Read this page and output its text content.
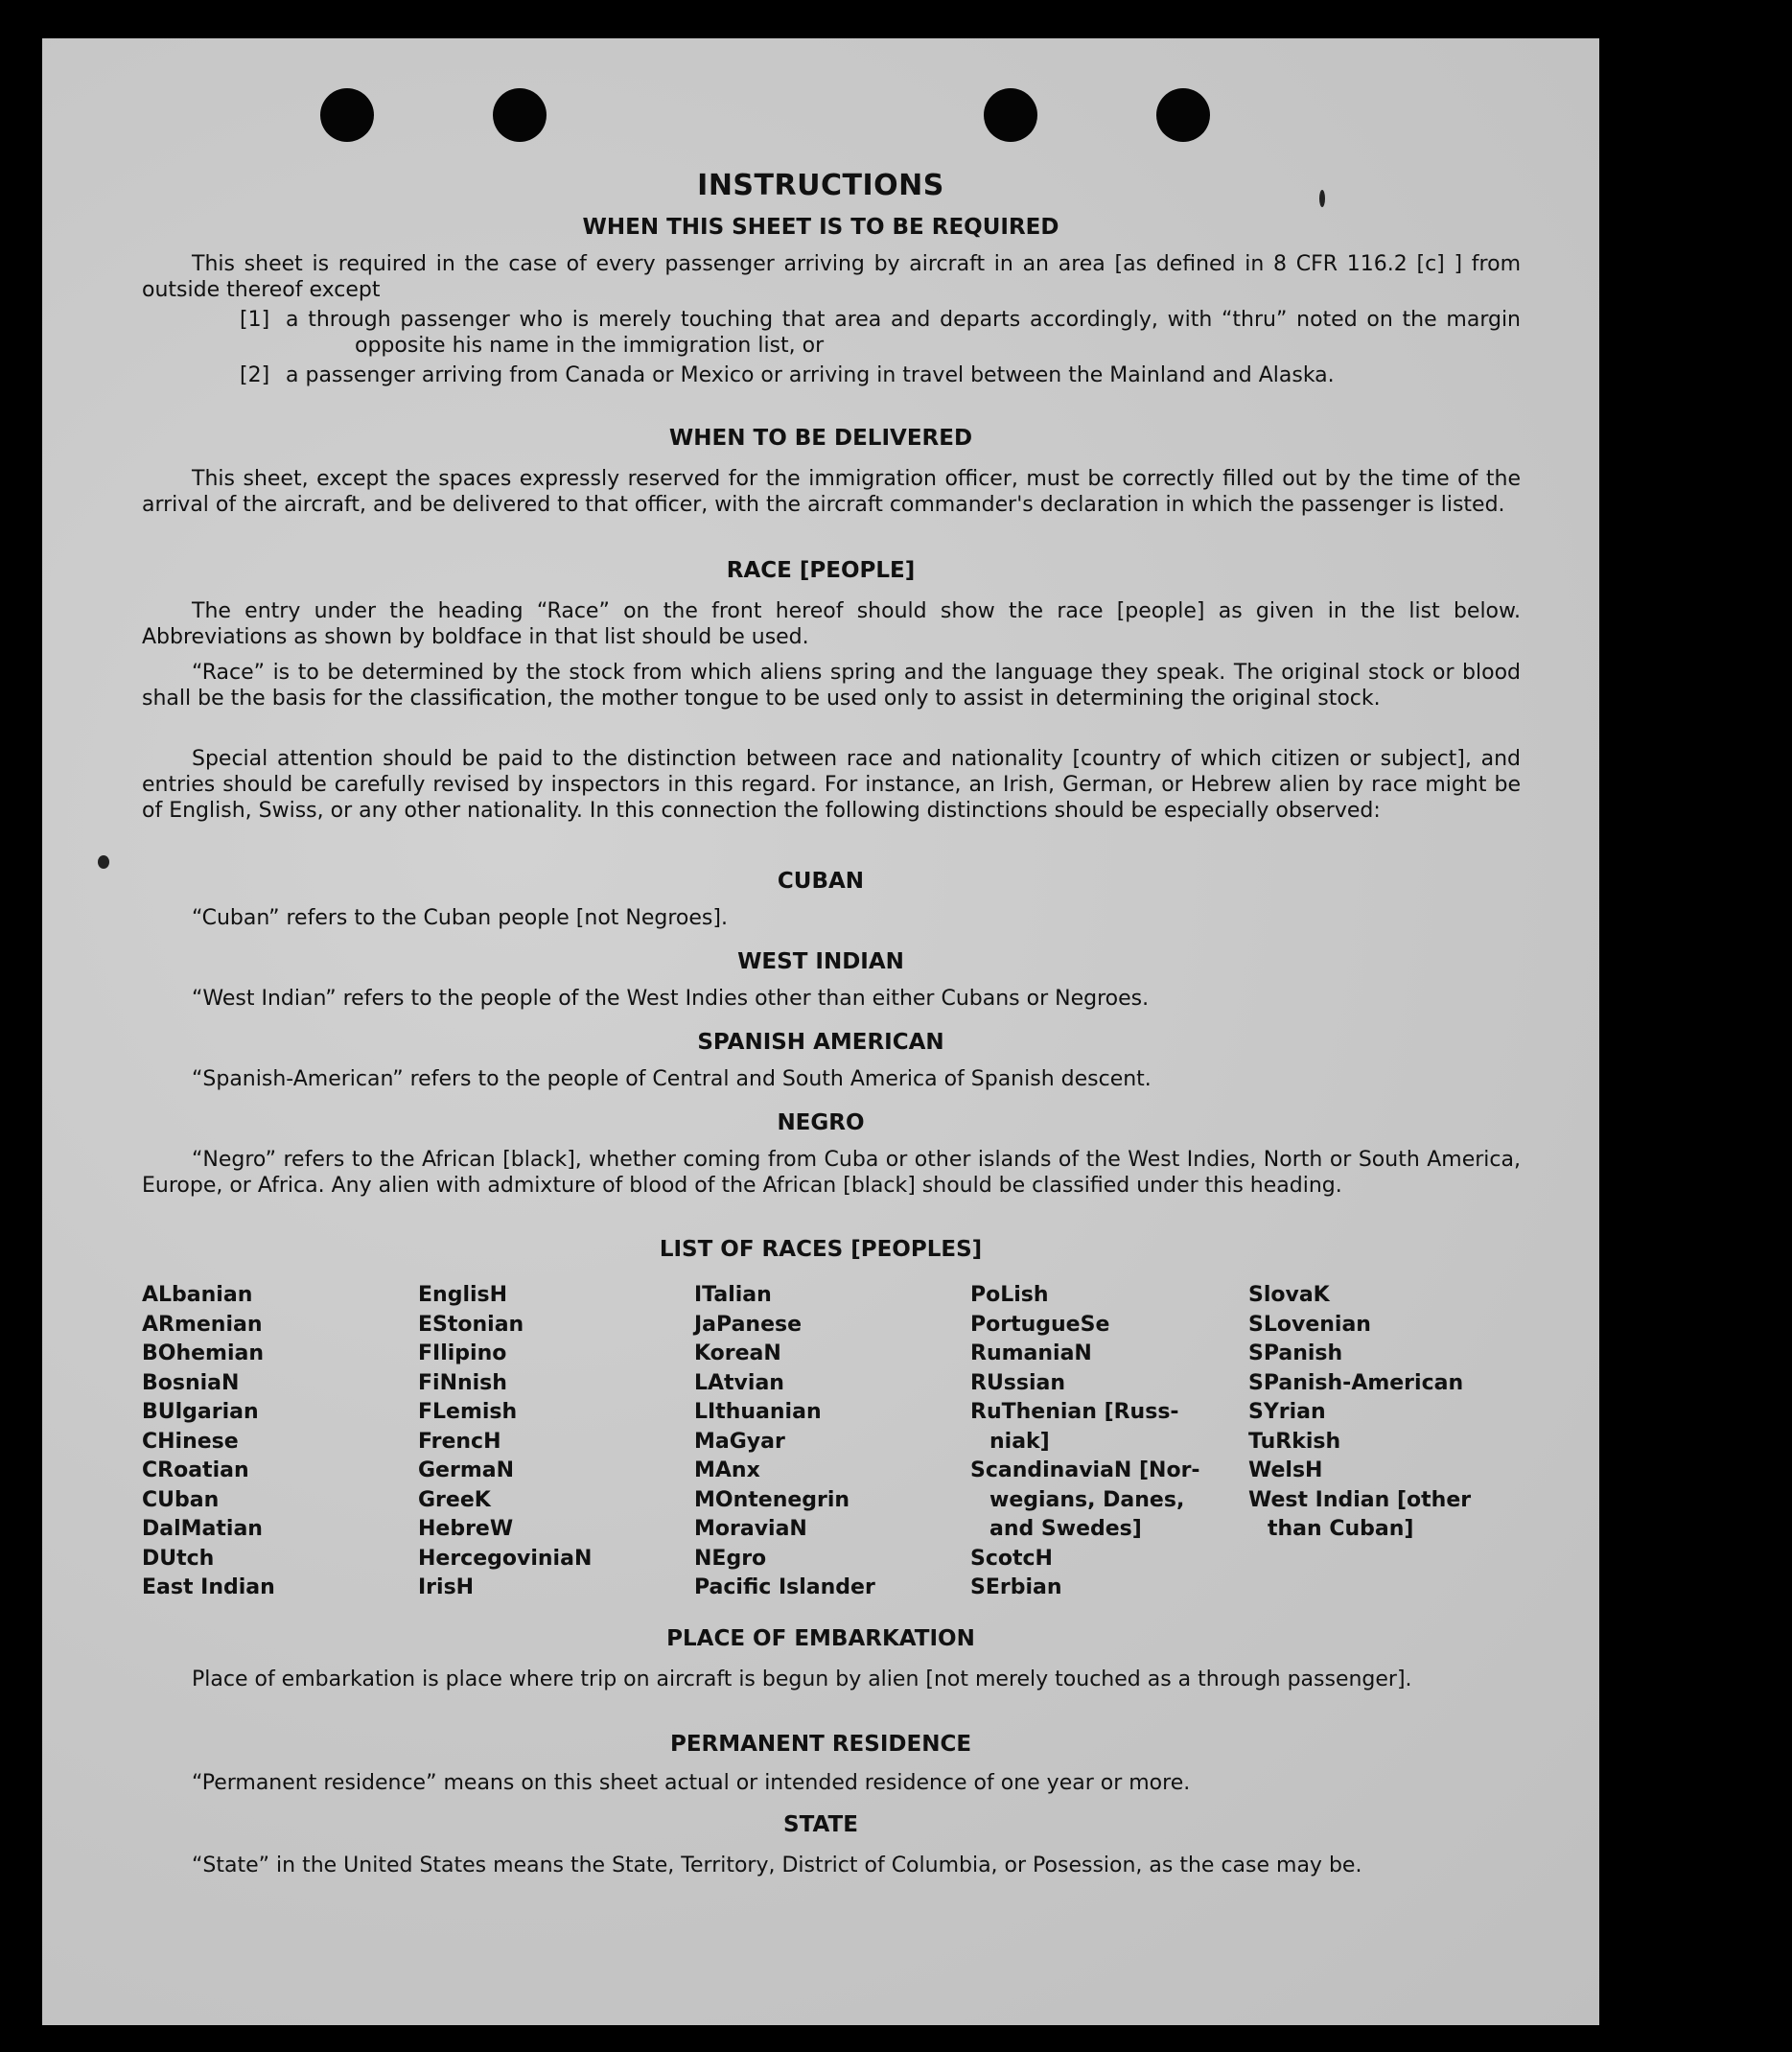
INSTRUCTIONS
WHEN THIS SHEET IS TO BE REQUIRED
This sheet is required in the case of every passenger arriving by aircraft in an area [as defined in 8 CFR 116.2 [c] ] from outside thereof except
[1] a through passenger who is merely touching that area and departs accordingly, with “thru” noted on the margin opposite his name in the immigration list, or
[2] a passenger arriving from Canada or Mexico or arriving in travel between the Mainland and Alaska.
WHEN TO BE DELIVERED
This sheet, except the spaces expressly reserved for the immigration officer, must be correctly filled out by the time of the arrival of the aircraft, and be delivered to that officer, with the aircraft commander's declaration in which the passenger is listed.
RACE [PEOPLE]
The entry under the heading “Race” on the front hereof should show the race [people] as given in the list below. Abbreviations as shown by boldface in that list should be used.
“Race” is to be determined by the stock from which aliens spring and the language they speak. The original stock or blood shall be the basis for the classification, the mother tongue to be used only to assist in determining the original stock.
Special attention should be paid to the distinction between race and nationality [country of which citizen or subject], and entries should be carefully revised by inspectors in this regard. For instance, an Irish, German, or Hebrew alien by race might be of English, Swiss, or any other nationality. In this connection the following distinctions should be especially observed:
CUBAN
“Cuban” refers to the Cuban people [not Negroes].
WEST INDIAN
“West Indian” refers to the people of the West Indies other than either Cubans or Negroes.
SPANISH AMERICAN
“Spanish-American” refers to the people of Central and South America of Spanish descent.
NEGRO
“Negro” refers to the African [black], whether coming from Cuba or other islands of the West Indies, North or South America, Europe, or Africa. Any alien with admixture of blood of the African [black] should be classified under this heading.
LIST OF RACES [PEOPLES]
ALbanian
ARmenian
BOhemian
BosniaN
BUlgarian
CHinese
CRoatian
CUban
DalMatian
DUtch
East Indian
EnglisH
EStonian
FIlipino
FiNnish
FLemish
FrencH
GermaN
GreeK
HebreW
HercegoviniaN
IrisH
ITalian
JaPanese
KoreaN
LAtvian
LIthuanian
MaGyar
MAnx
MOntenegrin
MoraviaN
NEgro
Pacific Islander
PoLish
PortugueSe
RumaniaN
RUssian
RuThenian [Russ-
niak]
ScandinaviaN [Nor-
wegians, Danes,
and Swedes]
ScotcH
SErbian
SlovaK
SLovenian
SPanish
SPanish-American
SYrian
TuRkish
WelsH
West Indian [other
than Cuban]
PLACE OF EMBARKATION
Place of embarkation is place where trip on aircraft is begun by alien [not merely touched as a through passenger].
PERMANENT RESIDENCE
“Permanent residence” means on this sheet actual or intended residence of one year or more.
STATE
“State” in the United States means the State, Territory, District of Columbia, or Posession, as the case may be.
